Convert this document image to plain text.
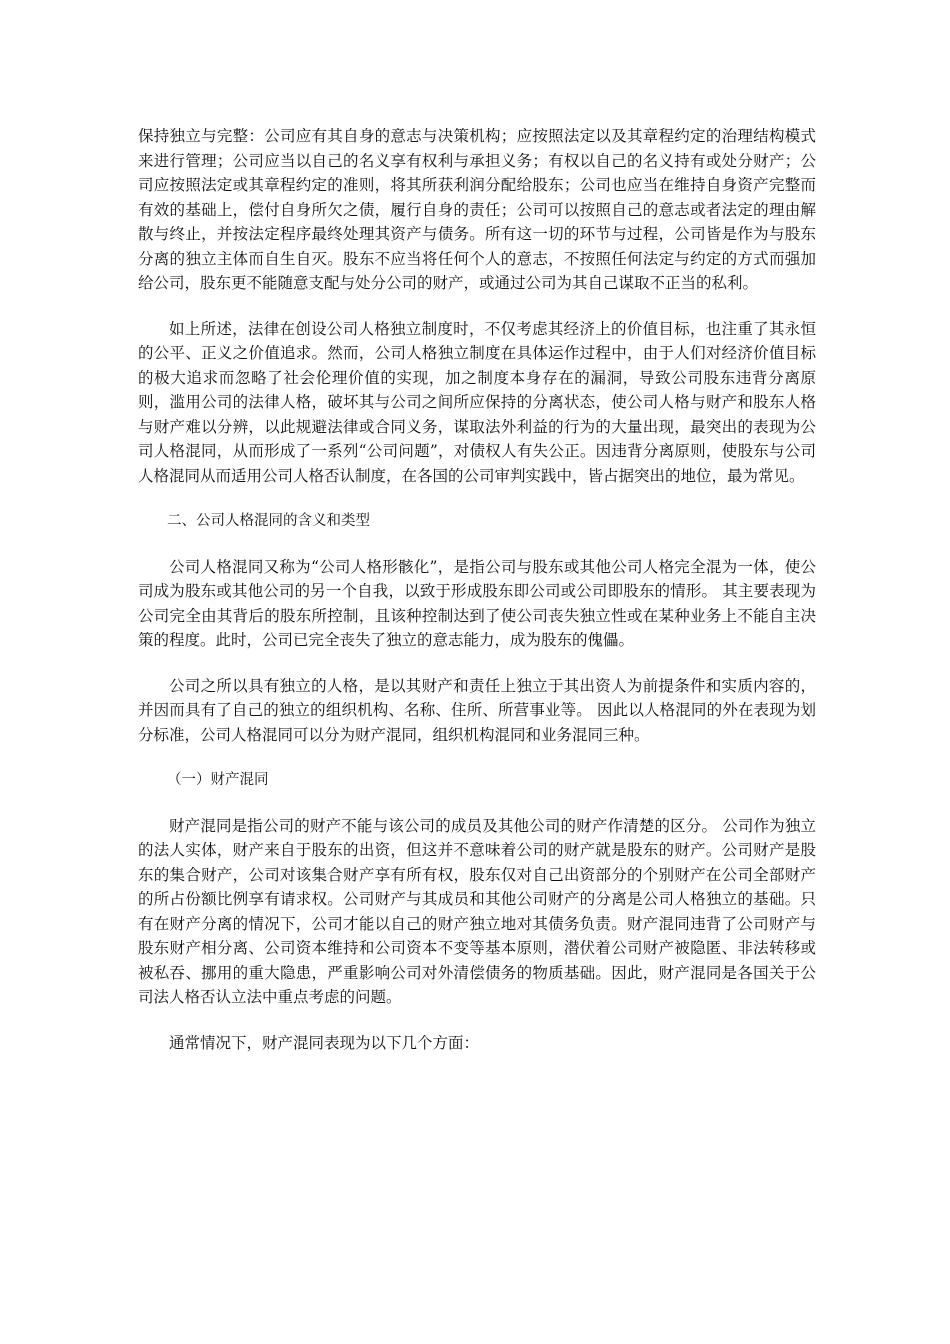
保持独立与完整：公司应有其自身的意志与决策机构；应按照法定以及其章程约定的治理结构模式来进行管理；公司应当以自己的名义享有权利与承担义务；有权以自己的名义持有或处分财产；公司应按照法定或其章程约定的准则，将其所获利润分配给股东；公司也应当在维持自身资产完整而有效的基础上，偿付自身所欠之债，履行自身的责任；公司可以按照自己的意志或者法定的理由解散与终止，并按法定程序最终处理其资产与债务。所有这一切的环节与过程，公司皆是作为与股东分离的独立主体而自生自灭。股东不应当将任何个人的意志，不按照任何法定与约定的方式而强加给公司，股东更不能随意支配与处分公司的财产，或通过公司为其自己谋取不正当的私利。

如上所述，法律在创设公司人格独立制度时，不仅考虑其经济上的价值目标，也注重了其永恒的公平、正义之价值追求。然而，公司人格独立制度在具体运作过程中，由于人们对经济价值目标的极大追求而忽略了社会伦理价值的实现，加之制度本身存在的漏洞，导致公司股东违背分离原则，滥用公司的法律人格，破坏其与公司之间所应保持的分离状态，使公司人格与财产和股东人格与财产难以分辨，以此规避法律或合同义务，谋取法外利益的行为的大量出现，最突出的表现为公司人格混同，从而形成了一系列“公司问题”，对债权人有失公正。因违背分离原则，使股东与公司人格混同从而适用公司人格否认制度，在各国的公司审判实践中，皆占据突出的地位，最为常见。

二、公司人格混同的含义和类型

公司人格混同又称为“公司人格形骸化”，是指公司与股东或其他公司人格完全混为一体，使公司成为股东或其他公司的另一个自我，以致于形成股东即公司或公司即股东的情形。 其主要表现为公司完全由其背后的股东所控制，且该种控制达到了使公司丧失独立性或在某种业务上不能自主决策的程度。此时，公司已完全丧失了独立的意志能力，成为股东的傀儡。

公司之所以具有独立的人格，是以其财产和责任上独立于其出资人为前提条件和实质内容的，并因而具有了自己的独立的组织机构、名称、住所、所营事业等。 因此以人格混同的外在表现为划分标准，公司人格混同可以分为财产混同，组织机构混同和业务混同三种。

（一）财产混同

财产混同是指公司的财产不能与该公司的成员及其他公司的财产作清楚的区分。 公司作为独立的法人实体，财产来自于股东的出资，但这并不意味着公司的财产就是股东的财产。公司财产是股东的集合财产，公司对该集合财产享有所有权，股东仅对自己出资部分的个别财产在公司全部财产的所占份额比例享有请求权。公司财产与其成员和其他公司财产的分离是公司人格独立的基础。只有在财产分离的情况下，公司才能以自己的财产独立地对其债务负责。财产混同违背了公司财产与股东财产相分离、公司资本维持和公司资本不变等基本原则，潜伏着公司财产被隐匿、非法转移或被私吞、挪用的重大隐患，严重影响公司对外清偿债务的物质基础。因此，财产混同是各国关于公司法人格否认立法中重点考虑的问题。

通常情况下，财产混同表现为以下几个方面：
